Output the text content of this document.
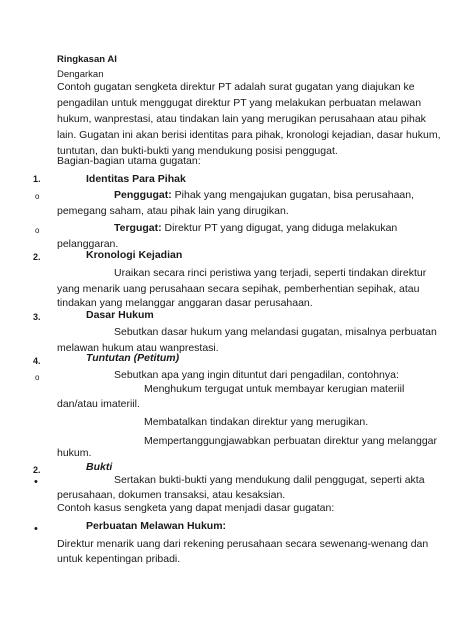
Ringkasan AI
Dengarkan
Contoh gugatan sengketa direktur PT adalah surat gugatan yang diajukan ke
pengadilan untuk menggugat direktur PT yang melakukan perbuatan melawan
hukum, wanprestasi, atau tindakan lain yang merugikan perusahaan atau pihak
lain. Gugatan ini akan berisi identitas para pihak, kronologi kejadian, dasar hukum,
tuntutan, dan bukti-bukti yang mendukung posisi penggugat.
Bagian-bagian utama gugatan:
1.	Identitas Para Pihak
o	Penggugat: Pihak yang mengajukan gugatan, bisa perusahaan,
pemegang saham, atau pihak lain yang dirugikan.
o	Tergugat: Direktur PT yang digugat, yang diduga melakukan
pelanggaran.
2.	Kronologi Kejadian
Uraikan secara rinci peristiwa yang terjadi, seperti tindakan direktur
yang menarik uang perusahaan secara sepihak, pemberhentian sepihak, atau
tindakan yang melanggar anggaran dasar perusahaan.
3.	Dasar Hukum
Sebutkan dasar hukum yang melandasi gugatan, misalnya perbuatan
melawan hukum atau wanprestasi.
4.	Tuntutan (Petitum)
o	Sebutkan apa yang ingin dituntut dari pengadilan, contohnya:
Menghukum tergugat untuk membayar kerugian materiil
dan/atau imateriil.
Membatalkan tindakan direktur yang merugikan.
Mempertanggungjawabkan perbuatan direktur yang melanggar
hukum.
2.	Bukti
•	Sertakan bukti-bukti yang mendukung dalil penggugat, seperti akta
perusahaan, dokumen transaksi, atau kesaksian.
Contoh kasus sengketa yang dapat menjadi dasar gugatan:
•	Perbuatan Melawan Hukum:
Direktur menarik uang dari rekening perusahaan secara sewenang-wenang dan
untuk kepentingan pribadi.
